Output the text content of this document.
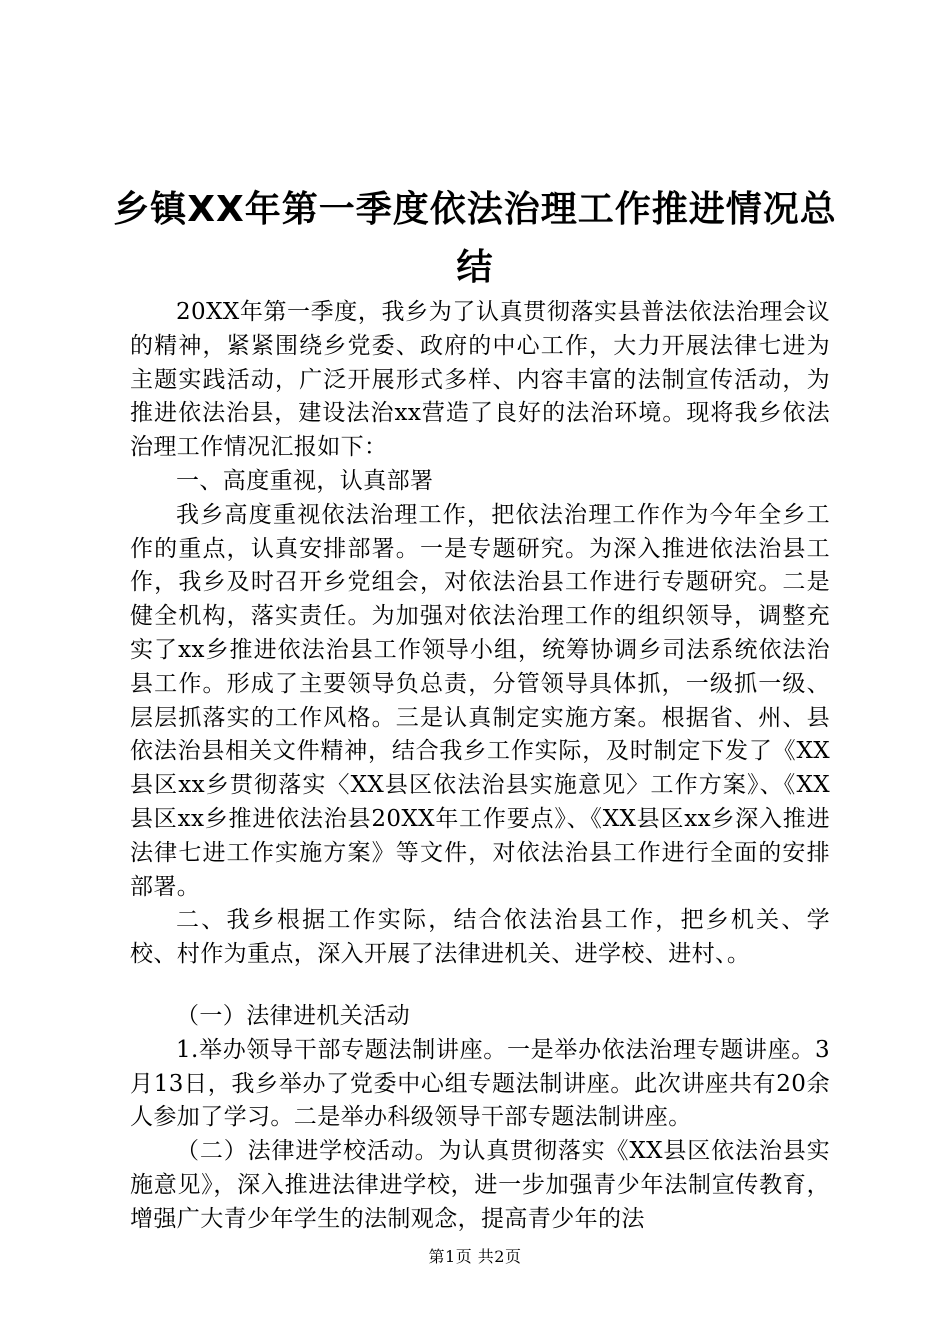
乡镇XX年第一季度依法治理工作推进情况总
结

20XX年第一季度，我乡为了认真贯彻落实县普法依法治理会议的精神，紧紧围绕乡党委、政府的中心工作，大力开展法律七进为主题实践活动，广泛开展形式多样、内容丰富的法制宣传活动，为推进依法治县，建设法治xx营造了良好的法治环境。现将我乡依法治理工作情况汇报如下：

一、高度重视，认真部署

我乡高度重视依法治理工作，把依法治理工作作为今年全乡工作的重点，认真安排部署。一是专题研究。为深入推进依法治县工作，我乡及时召开乡党组会，对依法治县工作进行专题研究。二是健全机构，落实责任。为加强对依法治理工作的组织领导，调整充实了xx乡推进依法治县工作领导小组，统筹协调乡司法系统依法治县工作。形成了主要领导负总责，分管领导具体抓，一级抓一级、层层抓落实的工作风格。三是认真制定实施方案。根据省、州、县依法治县相关文件精神，结合我乡工作实际，及时制定下发了《XX县区xx乡贯彻落实〈XX县区依法治县实施意见〉工作方案》、《XX县区xx乡推进依法治县20XX年工作要点》、《XX县区xx乡深入推进法律七进工作实施方案》等文件，对依法治县工作进行全面的安排部署。

二、我乡根据工作实际，结合依法治县工作，把乡机关、学校、村作为重点，深入开展了法律进机关、进学校、进村、。

（一）法律进机关活动

1.举办领导干部专题法制讲座。一是举办依法治理专题讲座。3月13日，我乡举办了党委中心组专题法制讲座。此次讲座共有20余人参加了学习。二是举办科级领导干部专题法制讲座。

（二）法律进学校活动。为认真贯彻落实《XX县区依法治县实施意见》，深入推进法律进学校，进一步加强青少年法制宣传教育，增强广大青少年学生的法制观念，提高青少年的法

第1页 共2页
